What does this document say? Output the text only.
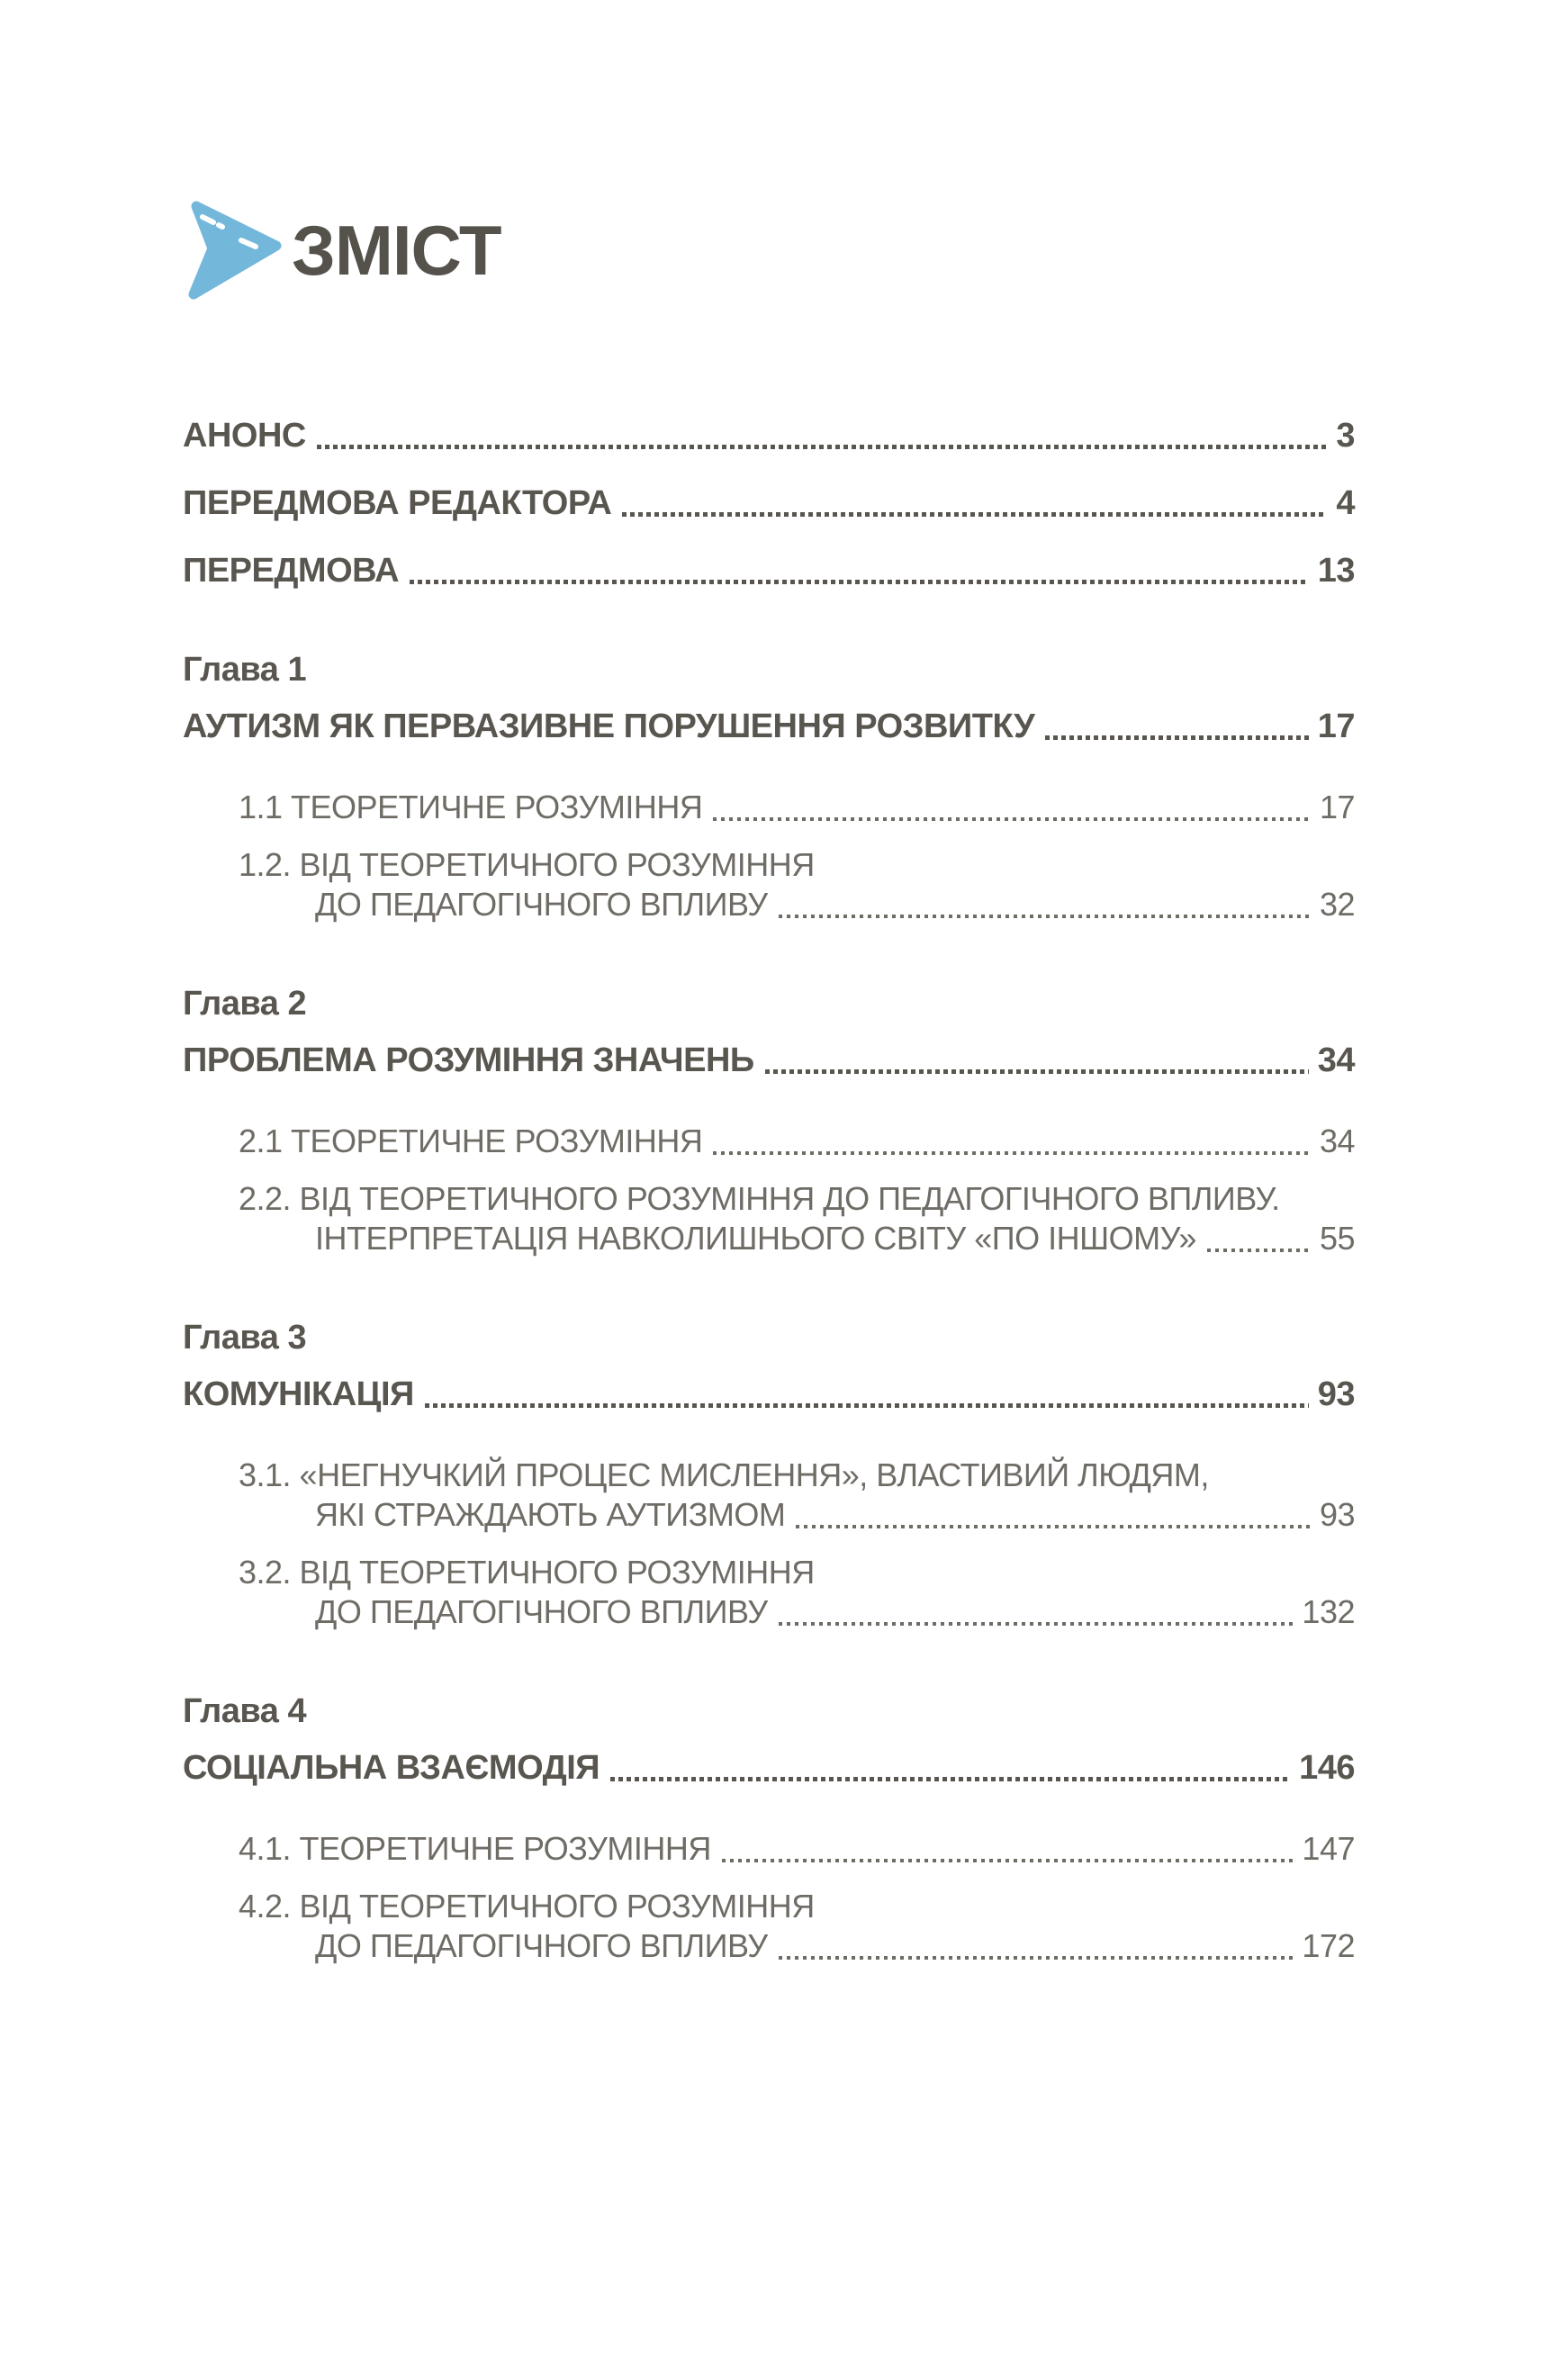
ЗМІСТ
АНОНС	3
ПЕРЕДМОВА РЕДАКТОРА	4
ПЕРЕДМОВА	13
Глава 1
АУТИЗМ ЯК ПЕРВАЗИВНЕ ПОРУШЕННЯ РОЗВИТКУ	17
1.1 ТЕОРЕТИЧНЕ РОЗУМІННЯ	17
1.2. ВІД ТЕОРЕТИЧНОГО РОЗУМІННЯ
ДО ПЕДАГОГІЧНОГО ВПЛИВУ	32
Глава 2
ПРОБЛЕМА РОЗУМІННЯ ЗНАЧЕНЬ	34
2.1 ТЕОРЕТИЧНЕ РОЗУМІННЯ	34
2.2. ВІД ТЕОРЕТИЧНОГО РОЗУМІННЯ ДО ПЕДАГОГІЧНОГО ВПЛИВУ.
ІНТЕРПРЕТАЦІЯ НАВКОЛИШНЬОГО СВІТУ «ПО ІНШОМУ»	55
Глава 3
КОМУНІКАЦІЯ	93
3.1. «НЕГНУЧКИЙ ПРОЦЕС МИСЛЕННЯ», ВЛАСТИВИЙ ЛЮДЯМ,
ЯКІ СТРАЖДАЮТЬ АУТИЗМОМ	93
3.2. ВІД ТЕОРЕТИЧНОГО РОЗУМІННЯ
ДО ПЕДАГОГІЧНОГО ВПЛИВУ	132
Глава 4
СОЦІАЛЬНА ВЗАЄМОДІЯ	146
4.1. ТЕОРЕТИЧНЕ РОЗУМІННЯ	147
4.2. ВІД ТЕОРЕТИЧНОГО РОЗУМІННЯ
ДО ПЕДАГОГІЧНОГО ВПЛИВУ	172
